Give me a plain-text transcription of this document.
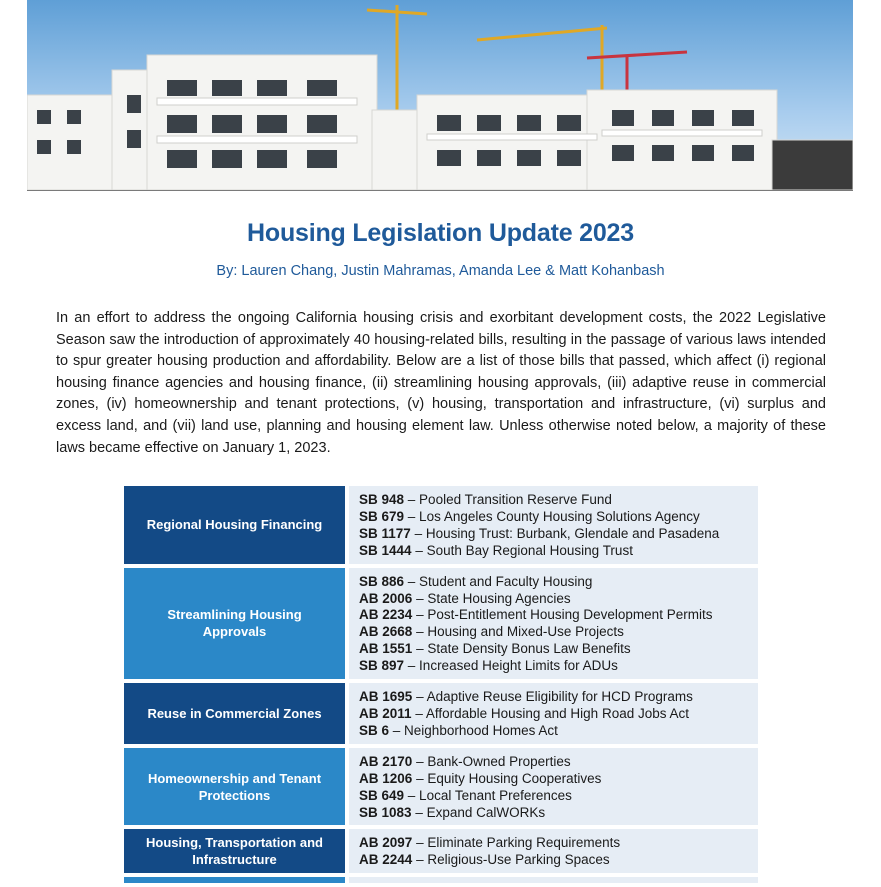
Housing Legislation Update 2023
By: Lauren Chang, Justin Mahramas, Amanda Lee & Matt Kohanbash
In an effort to address the ongoing California housing crisis and exorbitant development costs, the 2022 Legislative Season saw the introduction of approximately 40 housing-related bills, resulting in the passage of various laws intended to spur greater housing production and affordability. Below are a list of those bills that passed, which affect (i) regional housing finance agencies and housing finance, (ii) streamlining housing approvals, (iii) adaptive reuse in commercial zones, (iv) homeownership and tenant protections, (v) housing, transportation and infrastructure, (vi) surplus and excess land, and (vii) land use, planning and housing element law. Unless otherwise noted below, a majority of these laws became effective on January 1, 2023.
Regional Housing Financing
SB 948 – Pooled Transition Reserve Fund
SB 679 – Los Angeles County Housing Solutions Agency
SB 1177 – Housing Trust: Burbank, Glendale and Pasadena
SB 1444 – South Bay Regional Housing Trust
Streamlining Housing Approvals
SB 886 – Student and Faculty Housing
AB 2006 – State Housing Agencies
AB 2234 – Post-Entitlement Housing Development Permits
AB 2668 – Housing and Mixed-Use Projects
AB 1551 – State Density Bonus Law Benefits
SB 897 – Increased Height Limits for ADUs
Reuse in Commercial Zones
AB 1695 – Adaptive Reuse Eligibility for HCD Programs
AB 2011 – Affordable Housing and High Road Jobs Act
SB 6 – Neighborhood Homes Act
Homeownership and Tenant Protections
AB 2170 – Bank-Owned Properties
AB 1206 – Equity Housing Cooperatives
SB 649 – Local Tenant Preferences
SB 1083 – Expand CalWORKs
Housing, Transportation and Infrastructure
AB 2097 – Eliminate Parking Requirements
AB 2244 – Religious-Use Parking Spaces
